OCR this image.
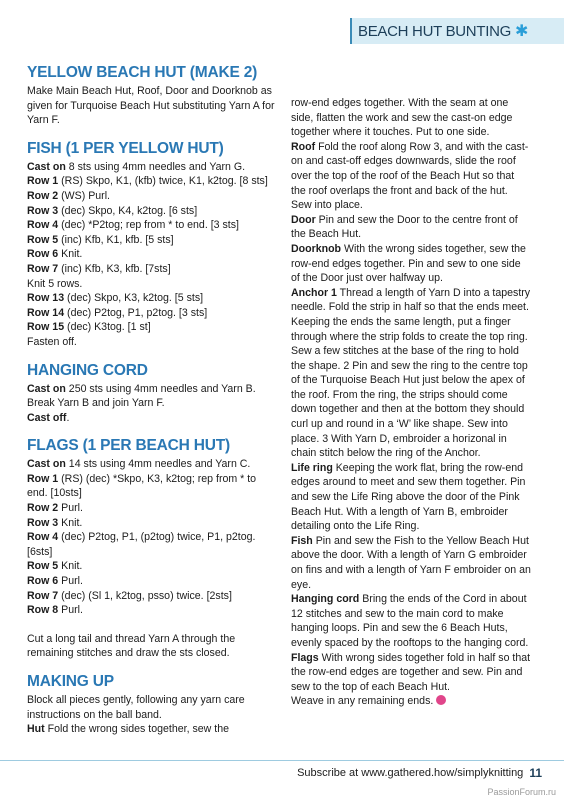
BEACH HUT BUNTING ✱
YELLOW BEACH HUT (MAKE 2)

Make Main Beach Hut, Roof, Door and Doorknob as given for Turquoise Beach Hut substituting Yarn A for Yarn F.

FISH (1 PER YELLOW HUT)

Cast on 8 sts using 4mm needles and Yarn G.

Row 1 (RS) Skpo, K1, (kfb) twice, K1, k2tog. [8 sts]

Row 2 (WS) Purl.

Row 3 (dec) Skpo, K4, k2tog. [6 sts]

Row 4 (dec) *P2tog; rep from * to end. [3 sts]

Row 5 (inc) Kfb, K1, kfb. [5 sts]

Row 6 Knit.

Row 7 (inc) Kfb, K3, kfb. [7sts]

Knit 5 rows.

Row 13 (dec) Skpo, K3, k2tog. [5 sts]

Row 14 (dec) P2tog, P1, p2tog. [3 sts]

Row 15 (dec) K3tog. [1 st]

Fasten off.

HANGING CORD

Cast on 250 sts using 4mm needles and Yarn B.

Break Yarn B and join Yarn F.

Cast off.

FLAGS (1 PER BEACH HUT)

Cast on 14 sts using 4mm needles and Yarn C.

Row 1 (RS) (dec) *Skpo, K3, k2tog; rep from * to end. [10sts]

Row 2 Purl.

Row 3 Knit.

Row 4 (dec) P2tog, P1, (p2tog) twice, P1, p2tog. [6sts]

Row 5 Knit.

Row 6 Purl.

Row 7 (dec) (Sl 1, k2tog, psso) twice. [2sts]

Row 8 Purl.

Cut a long tail and thread Yarn A through the remaining stitches and draw the sts closed.

MAKING UP

Block all pieces gently, following any yarn care instructions on the ball band.

Hut Fold the wrong sides together, sew the

row-end edges together. With the seam at one side, flatten the work and sew the cast-on edge together where it touches. Put to one side.

Roof Fold the roof along Row 3, and with the cast-on and cast-off edges downwards, slide the roof over the top of the roof of the Beach Hut so that the roof overlaps the front and back of the hut. Sew into place.

Door Pin and sew the Door to the centre front of the Beach Hut.

Doorknob With the wrong sides together, sew the row-end edges together. Pin and sew to one side of the Door just over halfway up.

Anchor 1 Thread a length of Yarn D into a tapestry needle. Fold the strip in half so that the ends meet. Keeping the ends the same length, put a finger through where the strip folds to create the top ring. Sew a few stitches at the base of the ring to hold the shape. 2 Pin and sew the ring to the centre top of the Turquoise Beach Hut just below the apex of the roof. From the ring, the strips should come down together and then at the bottom they should curl up and round in a ‘W’ like shape. Sew into place. 3 With Yarn D, embroider a horizonal in chain stitch below the ring of the Anchor.

Life ring Keeping the work flat, bring the row-end edges around to meet and sew them together. Pin and sew the Life Ring above the door of the Pink Beach Hut. With a length of Yarn B, embroider detailing onto the Life Ring.

Fish Pin and sew the Fish to the Yellow Beach Hut above the door. With a length of Yarn G embroider on fins and with a length of Yarn F embroider on an eye.

Hanging cord Bring the ends of the Cord in about 12 stitches and sew to the main cord to make hanging loops. Pin and sew the 6 Beach Huts, evenly spaced by the rooftops to the hanging cord.

Flags With wrong sides together fold in half so that the row-end edges are together and sew. Pin and sew to the top of each Beach Hut.

Weave in any remaining ends.

Subscribe at www.gathered.how/simplyknitting 11
PassionForum.ru
